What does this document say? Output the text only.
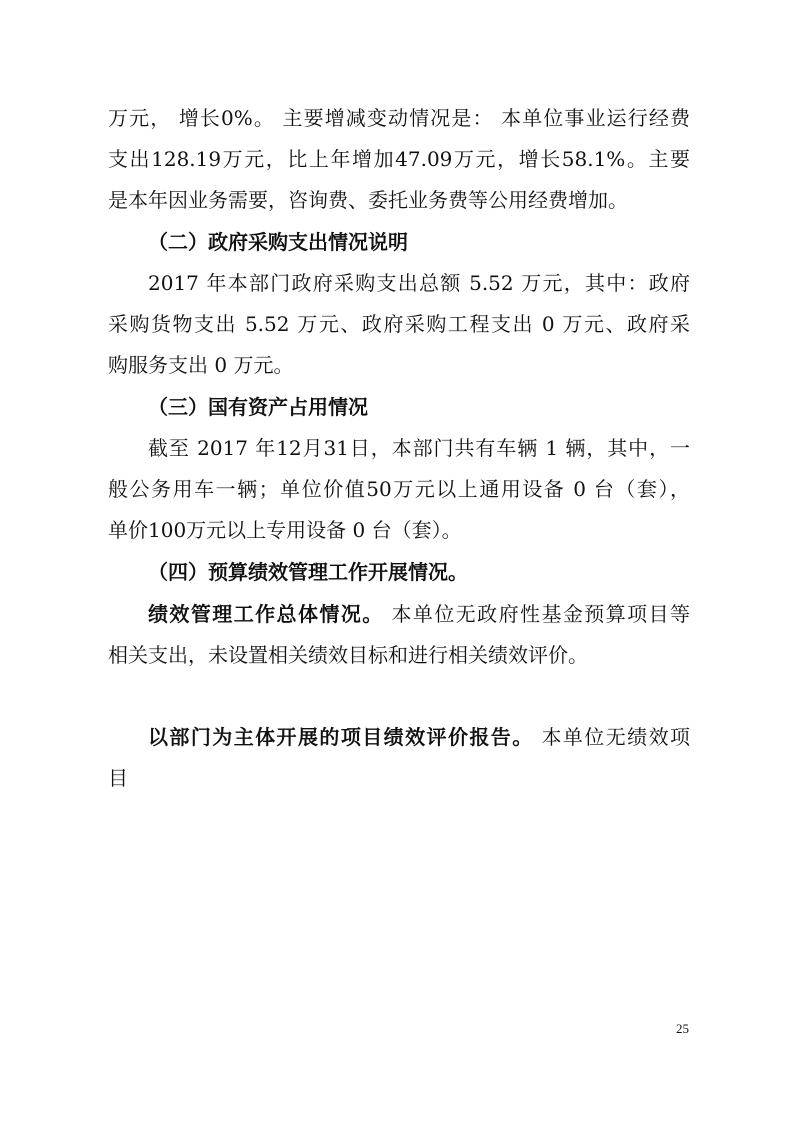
万元， 增长0%。 主要增减变动情况是： 本单位事业运行经费
支出128.19万元，比上年增加47.09万元，增长58.1%。主要
是本年因业务需要，咨询费、委托业务费等公用经费增加。
（二）政府采购支出情况说明
2017 年本部门政府采购支出总额 5.52 万元，其中：政府
采购货物支出 5.52 万元、政府采购工程支出 0 万元、政府采
购服务支出 0 万元。
（三）国有资产占用情况
截至 2017 年12月31日，本部门共有车辆 1 辆，其中，一
般公务用车一辆；单位价值50万元以上通用设备 0 台（套），
单价100万元以上专用设备 0 台（套）。
（四）预算绩效管理工作开展情况。
绩效管理工作总体情况。 本单位无政府性基金预算项目等
相关支出，未设置相关绩效目标和进行相关绩效评价。
以部门为主体开展的项目绩效评价报告。 本单位无绩效项
目
25
